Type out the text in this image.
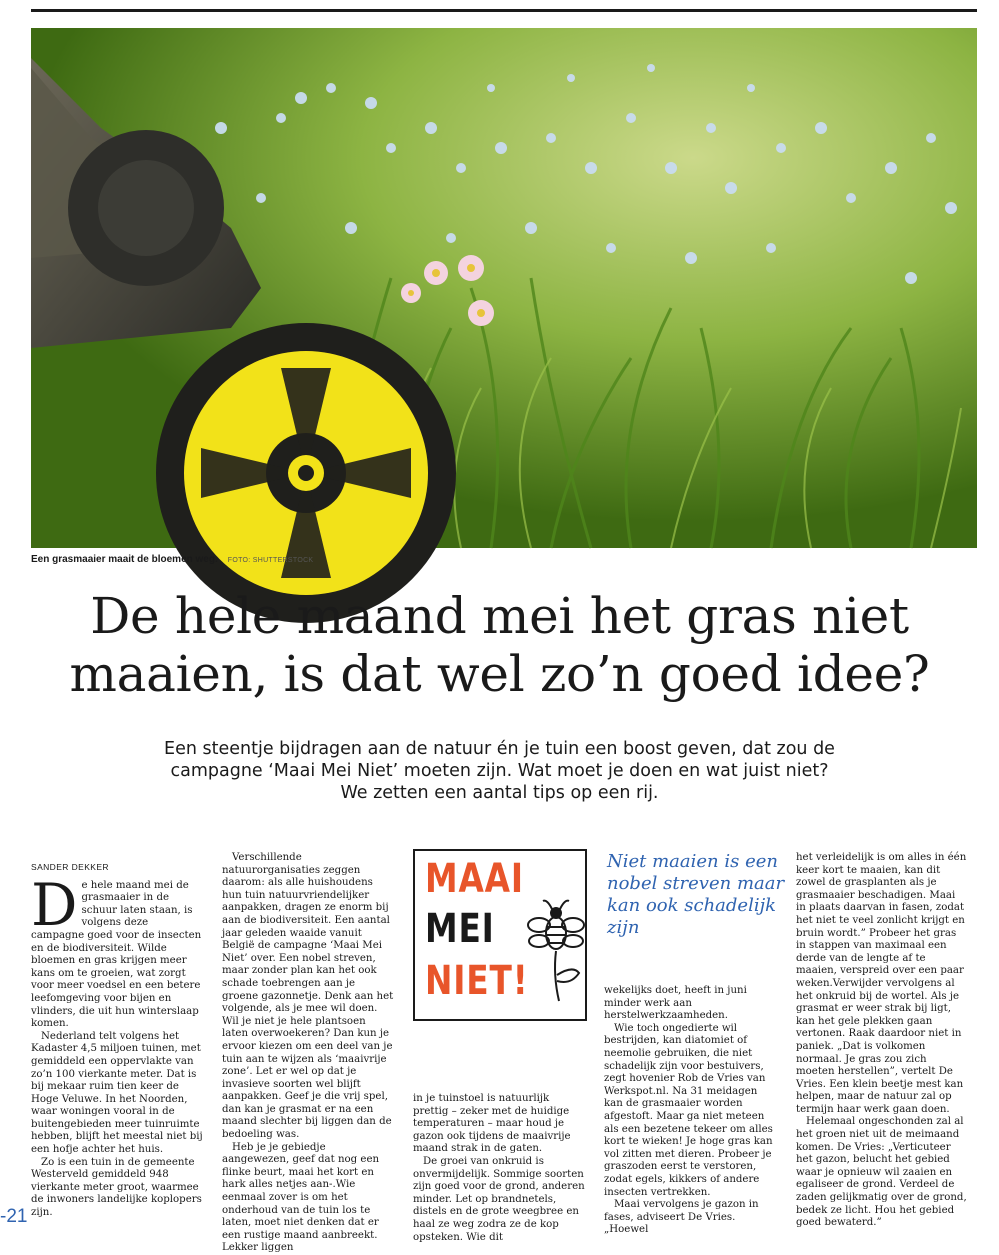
Een grasmaaier maait de bloemen weg. FOTO: SHUTTERSTOCK
De hele maand mei het gras niet
maaien, is dat wel zo’n goed idee?

Een steentje bijdragen aan de natuur én je tuin een boost geven, dat zou de
campagne ‘Maai Mei Niet’ moeten zijn. Wat moet je doen en wat juist niet?
We zetten een aantal tips op een rij.

SANDER DEKKER

De hele maand mei de grasmaaier in de schuur laten staan, is volgens deze campagne goed voor de insecten en de biodiversiteit. Wilde bloemen en gras krijgen meer kans om te groeien, wat zorgt voor meer voedsel en een betere leefomgeving voor bijen en vlinders, die uit hun winterslaap komen.

Nederland telt volgens het Kadaster 4,5 miljoen tuinen, met gemiddeld een oppervlakte van zo’n 100 vierkante meter. Dat is bij mekaar ruim tien keer de Hoge Veluwe. In het Noorden, waar woningen vooral in de buitengebieden meer tuinruimte hebben, blijft het meestal niet bij een hofje achter het huis.

Zo is een tuin in de gemeente Westerveld gemiddeld 948 vierkante meter groot, waarmee de inwoners landelijke koplopers zijn.

Verschillende natuurorganisaties zeggen daarom: als alle huishoudens hun tuin natuurvriendelijker aanpakken, dragen ze enorm bij aan de biodiversiteit. Een aantal jaar geleden waaide vanuit België de campagne ‘Maai Mei Niet’ over. Een nobel streven, maar zonder plan kan het ook schade toebrengen aan je groene gazonnetje. Denk aan het volgende, als je mee wil doen. Wil je niet je hele plantsoen laten overwoekeren? Dan kun je ervoor kiezen om een deel van je tuin aan te wijzen als ‘maaivrije zone’. Let er wel op dat je invasieve soorten wel blijft aanpakken. Geef je die vrij spel, dan kan je grasmat er na een maand slechter bij liggen dan de bedoeling was.

Heb je je gebiedje aangewezen, geef dat nog een flinke beurt, maai het kort en hark alles netjes aan-.Wie eenmaal zover is om het onderhoud van de tuin los te laten, moet niet denken dat er een rustige maand aanbreekt. Lekker liggen

MAAI
MEI
NIET!

in je tuinstoel is natuurlijk prettig – zeker met de huidige temperaturen – maar houd je gazon ook tijdens de maaivrije maand strak in de gaten.

De groei van onkruid is onvermijdelijk. Sommige soorten zijn goed voor de grond, anderen minder. Let op brandnetels, distels en de grote weegbree en haal ze weg zodra ze de kop opsteken. Wie dit

Niet maaien is een nobel streven maar kan ook schadelijk zijn

wekelijks doet, heeft in juni minder werk aan herstelwerkzaamheden.

Wie toch ongedierte wil bestrijden, kan diatomiet of neemolie gebruiken, die niet schadelijk zijn voor bestuivers, zegt hovenier Rob de Vries van Werkspot.nl. Na 31 meidagen kan de grasmaaier worden afgestoft. Maar ga niet meteen als een bezetene tekeer om alles kort te wieken! Je hoge gras kan vol zitten met dieren. Probeer je graszoden eerst te verstoren, zodat egels, kikkers of andere insecten vertrekken.

Maai vervolgens je gazon in fases, adviseert De Vries. „Hoewel

het verleidelijk is om alles in één keer kort te maaien, kan dit zowel de grasplanten als je grasmaaier beschadigen. Maai in plaats daarvan in fasen, zodat het niet te veel zonlicht krijgt en bruin wordt.” Probeer het gras in stappen van maximaal een derde van de lengte af te maaien, verspreid over een paar weken.Verwijder vervolgens al het onkruid bij de wortel. Als je grasmat er weer strak bij ligt, kan het gele plekken gaan vertonen. Raak daardoor niet in paniek. „Dat is volkomen normaal. Je gras zou zich moeten herstellen”, vertelt De Vries. Een klein beetje mest kan helpen, maar de natuur zal op termijn haar werk gaan doen.

Helemaal ongeschonden zal al het groen niet uit de meimaand komen. De Vries: „Verticuteer het gazon, belucht het gebied waar je opnieuw wil zaaien en egaliseer de grond. Verdeel de zaden gelijkmatig over de grond, bedek ze licht. Hou het gebied goed bewaterd.”

-21
